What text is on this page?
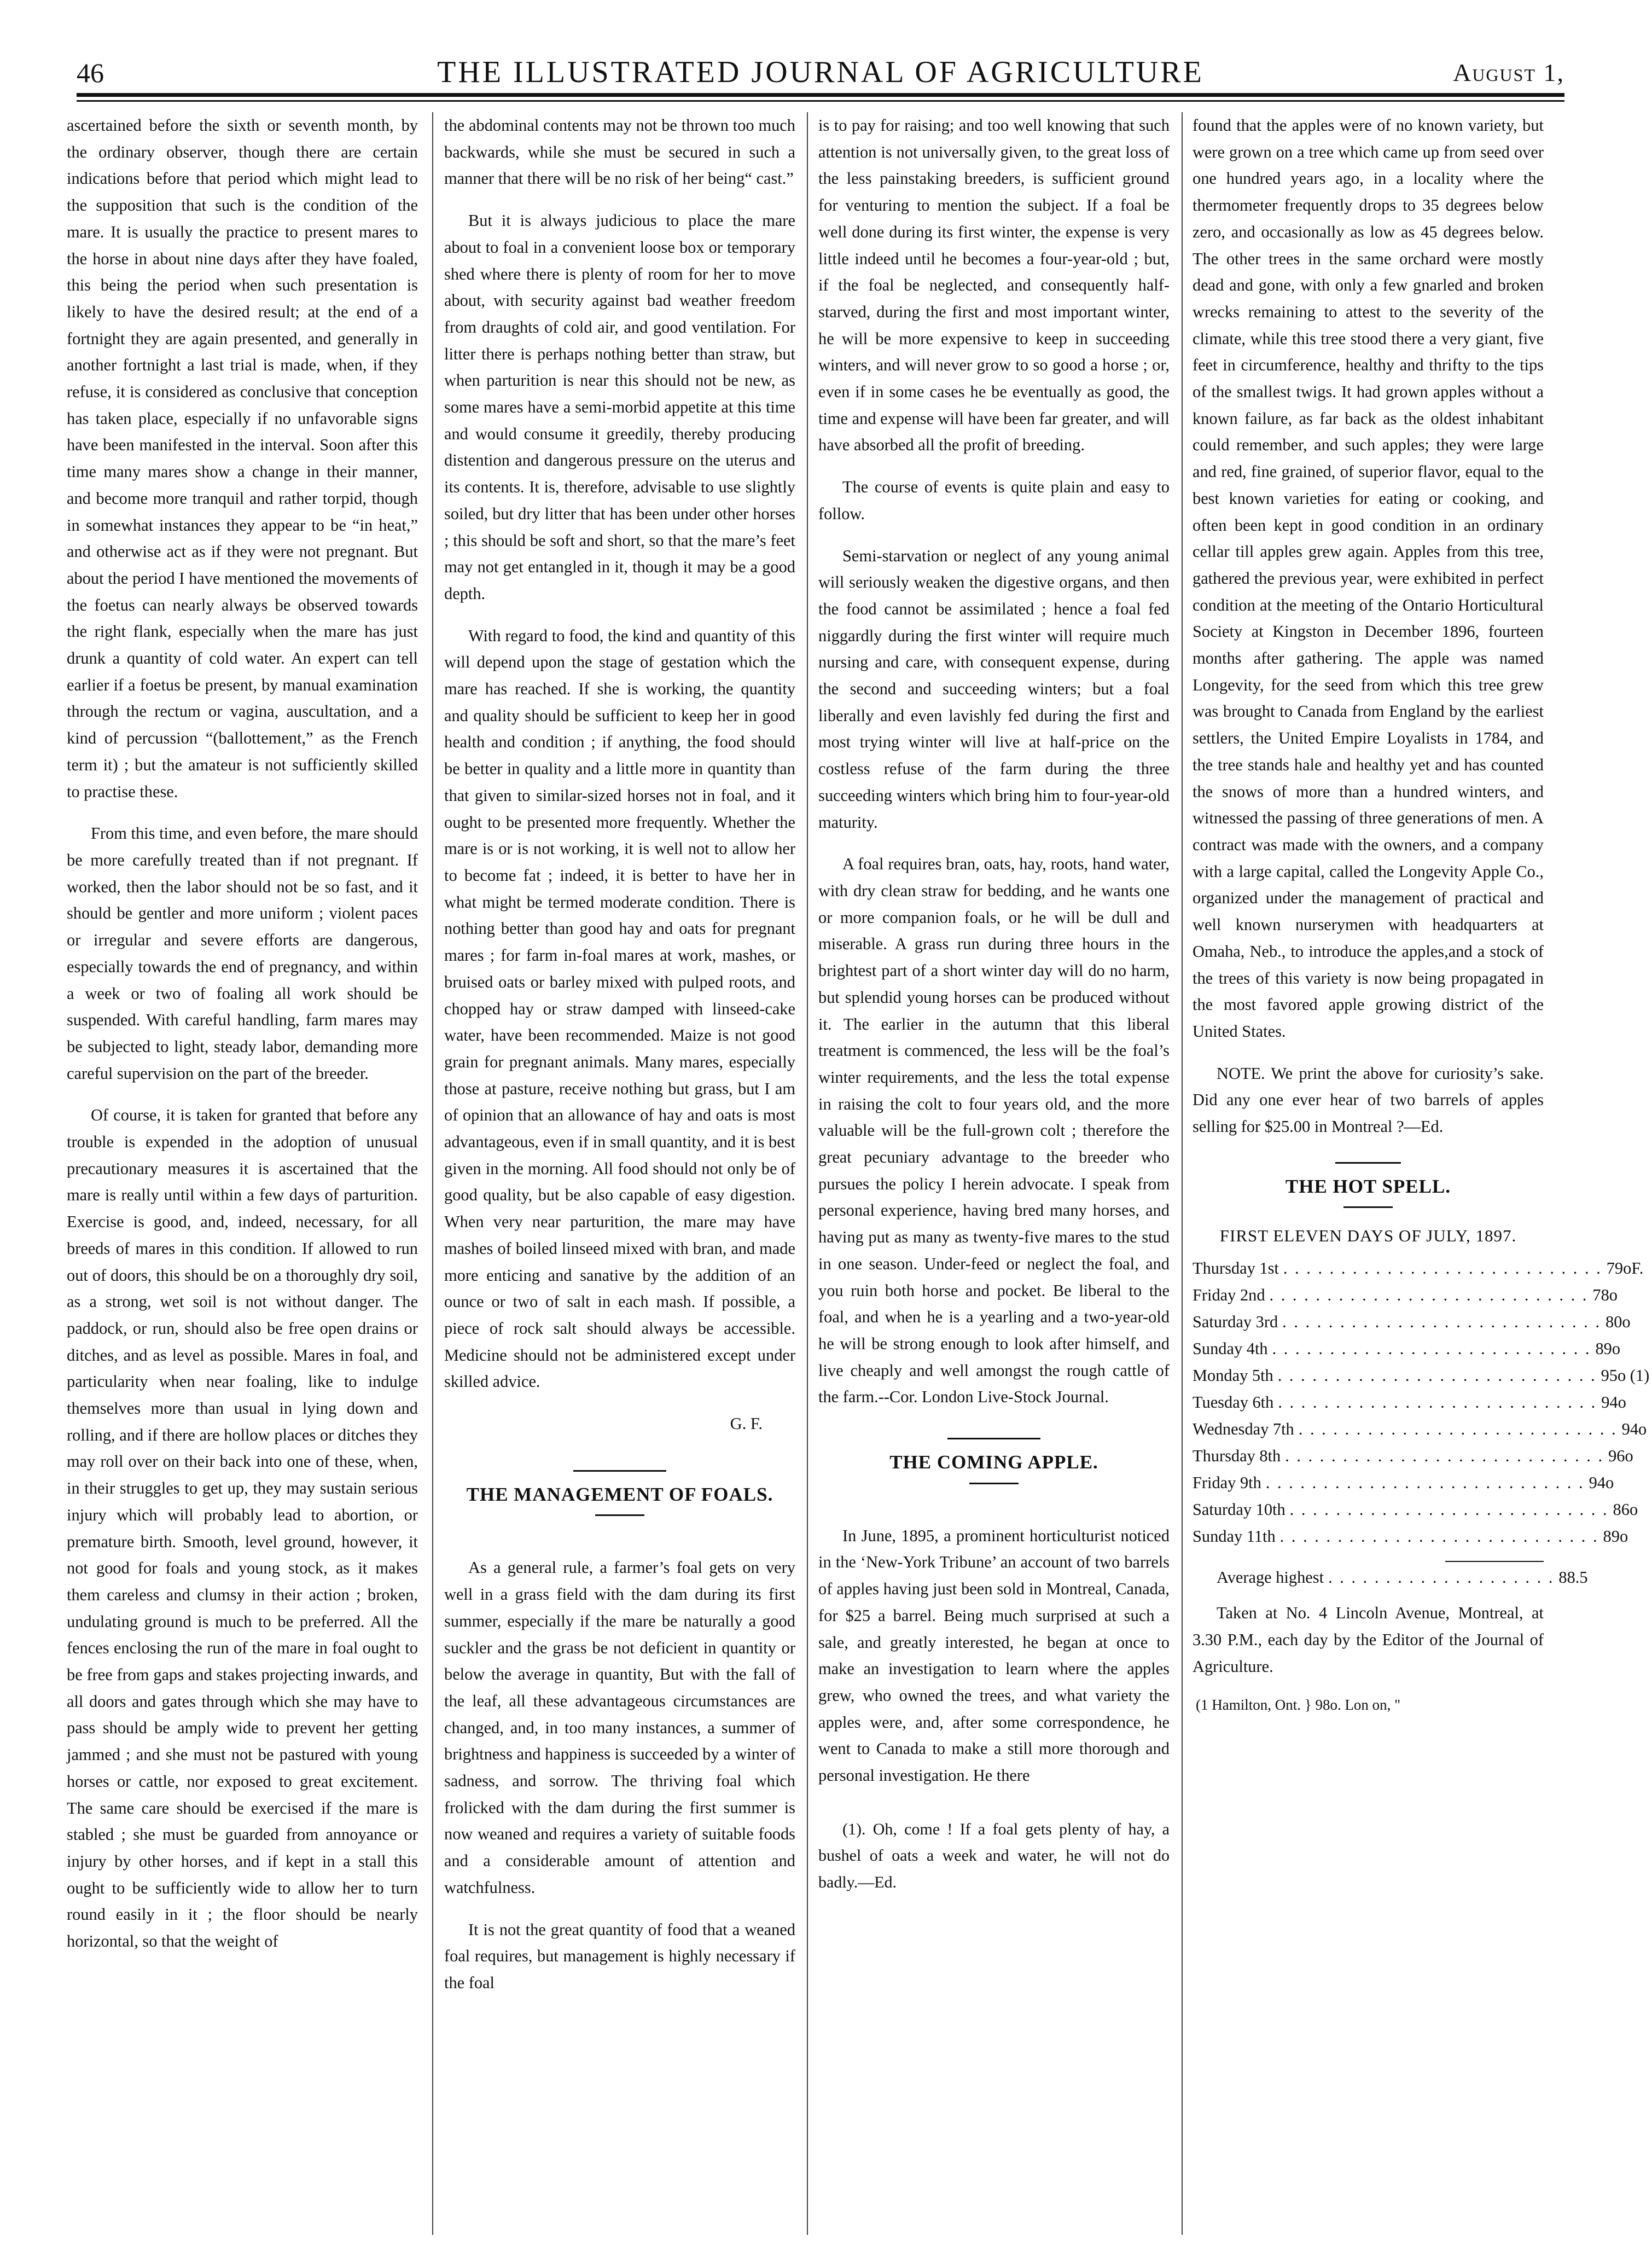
46	THE ILLUSTRATED JOURNAL OF AGRICULTURE	August 1,

ascertained before the sixth or seventh month, by the ordinary observer, though there are certain indications before that period which might lead to the supposition that such is the condition of the mare. It is usually the practice to present mares to the horse in about nine days after they have foaled, this being the period when such presentation is likely to have the desired result; at the end of a fortnight they are again presented, and generally in another fortnight a last trial is made, when, if they refuse, it is considered as conclusive that conception has taken place, especially if no unfavorable signs have been manifested in the interval. Soon after this time many mares show a change in their manner, and become more tranquil and rather torpid, though in somewhat instances they appear to be “in heat,” and otherwise act as if they were not pregnant. But about the period I have mentioned the movements of the foetus can nearly always be observed towards the right flank, especially when the mare has just drunk a quantity of cold water. An expert can tell earlier if a foetus be present, by manual examination through the rectum or vagina, auscultation, and a kind of percussion “(ballottement,” as the French term it) ; but the amateur is not sufficiently skilled to practise these.

From this time, and even before, the mare should be more carefully treated than if not pregnant. If worked, then the labor should not be so fast, and it should be gentler and more uniform ; violent paces or irregular and severe efforts are dangerous, especially towards the end of pregnancy, and within a week or two of foaling all work should be suspended. With careful handling, farm mares may be subjected to light, steady labor, demanding more careful supervision on the part of the breeder.

Of course, it is taken for granted that before any trouble is expended in the adoption of unusual precautionary measures it is ascertained that the mare is really until within a few days of parturition. Exercise is good, and, indeed, necessary, for all breeds of mares in this condition. If allowed to run out of doors, this should be on a thoroughly dry soil, as a strong, wet soil is not without danger. The paddock, or run, should also be free open drains or ditches, and as level as possible. Mares in foal, and particularity when near foaling, like to indulge themselves more than usual in lying down and rolling, and if there are hollow places or ditches they may roll over on their back into one of these, when, in their struggles to get up, they may sustain serious injury which will probably lead to abortion, or premature birth. Smooth, level ground, however, it not good for foals and young stock, as it makes them careless and clumsy in their action ; broken, undulating ground is much to be preferred. All the fences enclosing the run of the mare in foal ought to be free from gaps and stakes projecting inwards, and all doors and gates through which she may have to pass should be amply wide to prevent her getting jammed ; and she must not be pastured with young horses or cattle, nor exposed to great excitement. The same care should be exercised if the mare is stabled ; she must be guarded from annoyance or injury by other horses, and if kept in a stall this ought to be sufficiently wide to allow her to turn round easily in it ; the floor should be nearly horizontal, so that the weight of

the abdominal contents may not be thrown too much backwards, while she must be secured in such a manner that there will be no risk of her being“ cast.”

But it is always judicious to place the mare about to foal in a convenient loose box or temporary shed where there is plenty of room for her to move about, with security against bad weather freedom from draughts of cold air, and good ventilation. For litter there is perhaps nothing better than straw, but when parturition is near this should not be new, as some mares have a semi-morbid appetite at this time and would consume it greedily, thereby producing distention and dangerous pressure on the uterus and its contents. It is, therefore, advisable to use slightly soiled, but dry litter that has been under other horses ; this should be soft and short, so that the mare’s feet may not get entangled in it, though it may be a good depth.

With regard to food, the kind and quantity of this will depend upon the stage of gestation which the mare has reached. If she is working, the quantity and quality should be sufficient to keep her in good health and condition ; if anything, the food should be better in quality and a little more in quantity than that given to similar-sized horses not in foal, and it ought to be presented more frequently. Whether the mare is or is not working, it is well not to allow her to become fat ; indeed, it is better to have her in what might be termed moderate condition. There is nothing better than good hay and oats for pregnant mares ; for farm in-foal mares at work, mashes, or bruised oats or barley mixed with pulped roots, and chopped hay or straw damped with linseed-cake water, have been recommended. Maize is not good grain for pregnant animals. Many mares, especially those at pasture, receive nothing but grass, but I am of opinion that an allowance of hay and oats is most advantageous, even if in small quantity, and it is best given in the morning. All food should not only be of good quality, but be also capable of easy digestion. When very near parturition, the mare may have mashes of boiled linseed mixed with bran, and made more enticing and sanative by the addition of an ounce or two of salt in each mash. If possible, a piece of rock salt should always be accessible. Medicine should not be administered except under skilled advice.

G. F.
THE MANAGEMENT OF FOALS.

As a general rule, a farmer’s foal gets on very well in a grass field with the dam during its first summer, especially if the mare be naturally a good suckler and the grass be not deficient in quantity or below the average in quantity, But with the fall of the leaf, all these advantageous circumstances are changed, and, in too many instances, a summer of brightness and happiness is succeeded by a winter of sadness, and sorrow. The thriving foal which frolicked with the dam during the first summer is now weaned and requires a variety of suitable foods and a considerable amount of attention and watchfulness.

It is not the great quantity of food that a weaned foal requires, but management is highly necessary if the foal

is to pay for raising; and too well knowing that such attention is not universally given, to the great loss of the less painstaking breeders, is sufficient ground for venturing to mention the subject. If a foal be well done during its first winter, the expense is very little indeed until he becomes a four-year-old ; but, if the foal be neglected, and consequently half-starved, during the first and most important winter, he will be more expensive to keep in succeeding winters, and will never grow to so good a horse ; or, even if in some cases he be eventually as good, the time and expense will have been far greater, and will have absorbed all the profit of breeding.

The course of events is quite plain and easy to follow.

Semi-starvation or neglect of any young animal will seriously weaken the digestive organs, and then the food cannot be assimilated ; hence a foal fed niggardly during the first winter will require much nursing and care, with consequent expense, during the second and succeeding winters; but a foal liberally and even lavishly fed during the first and most trying winter will live at half-price on the costless refuse of the farm during the three succeeding winters which bring him to four-year-old maturity.

A foal requires bran, oats, hay, roots, hand water, with dry clean straw for bedding, and he wants one or more companion foals, or he will be dull and miserable. A grass run during three hours in the brightest part of a short winter day will do no harm, but splendid young horses can be produced without it. The earlier in the autumn that this liberal treatment is commenced, the less will be the foal’s winter requirements, and the less the total expense in raising the colt to four years old, and the more valuable will be the full-grown colt ; therefore the great pecuniary advantage to the breeder who pursues the policy I herein advocate. I speak from personal experience, having bred many horses, and having put as many as twenty-five mares to the stud in one season. Under-feed or neglect the foal, and you ruin both horse and pocket. Be liberal to the foal, and when he is a yearling and a two-year-old he will be strong enough to look after himself, and live cheaply and well amongst the rough cattle of the farm.--Cor. London Live-Stock Journal.

THE COMING APPLE.

In June, 1895, a prominent horticulturist noticed in the ‘New-York Tribune’ an account of two barrels of apples having just been sold in Montreal, Canada, for $25 a barrel. Being much surprised at such a sale, and greatly interested, he began at once to make an investigation to learn where the apples grew, who owned the trees, and what variety the apples were, and, after some correspondence, he went to Canada to make a still more thorough and personal investigation. He there

(1). Oh, come ! If a foal gets plenty of hay, a bushel of oats a week and water, he will not do badly.—Ed.

found that the apples were of no known variety, but were grown on a tree which came up from seed over one hundred years ago, in a locality where the thermometer frequently drops to 35 degrees below zero, and occasionally as low as 45 degrees below. The other trees in the same orchard were mostly dead and gone, with only a few gnarled and broken wrecks remaining to attest to the severity of the climate, while this tree stood there a very giant, five feet in circumference, healthy and thrifty to the tips of the smallest twigs. It had grown apples without a known failure, as far back as the oldest inhabitant could remember, and such apples; they were large and red, fine grained, of superior flavor, equal to the best known varieties for eating or cooking, and often been kept in good condition in an ordinary cellar till apples grew again. Apples from this tree, gathered the previous year, were exhibited in perfect condition at the meeting of the Ontario Horticultural Society at Kingston in December 1896, fourteen months after gathering. The apple was named Longevity, for the seed from which this tree grew was brought to Canada from England by the earliest settlers, the United Empire Loyalists in 1784, and the tree stands hale and healthy yet and has counted the snows of more than a hundred winters, and witnessed the passing of three generations of men. A contract was made with the owners, and a company with a large capital, called the Longevity Apple Co., organized under the management of practical and well known nurserymen with headquarters at Omaha, Neb., to introduce the apples,and a stock of the trees of this variety is now being propagated in the most favored apple growing district of the United States.

NOTE. We print the above for curiosity’s sake. Did any one ever hear of two barrels of apples selling for $25.00 in Montreal ?—Ed.

THE HOT SPELL.
FIRST ELEVEN DAYS OF JULY, 1897.
Thursday 1st . . . . . . . . . . . . . . . . . . . . . . . . . . . . 79oF.
Friday 2nd . . . . . . . . . . . . . . . . . . . . . . . . . . . . 78o
Saturday 3rd . . . . . . . . . . . . . . . . . . . . . . . . . . . . 80o
Sunday 4th . . . . . . . . . . . . . . . . . . . . . . . . . . . . 89o
Monday 5th . . . . . . . . . . . . . . . . . . . . . . . . . . . . 95o (1)
Tuesday 6th . . . . . . . . . . . . . . . . . . . . . . . . . . . . 94o
Wednesday 7th . . . . . . . . . . . . . . . . . . . . . . . . . . . . 94o
Thursday 8th . . . . . . . . . . . . . . . . . . . . . . . . . . . . 96o
Friday 9th . . . . . . . . . . . . . . . . . . . . . . . . . . . . 94o
Saturday 10th . . . . . . . . . . . . . . . . . . . . . . . . . . . . 86o
Sunday 11th . . . . . . . . . . . . . . . . . . . . . . . . . . . . 89o
Average highest . . . . . . . . . . . . . . . . . . . . 88.5

Taken at No. 4 Lincoln Avenue, Montreal, at 3.30 P.M., each day by the Editor of the Journal of Agriculture.

(1 Hamilton, Ont. } 98o. Lon on, "
